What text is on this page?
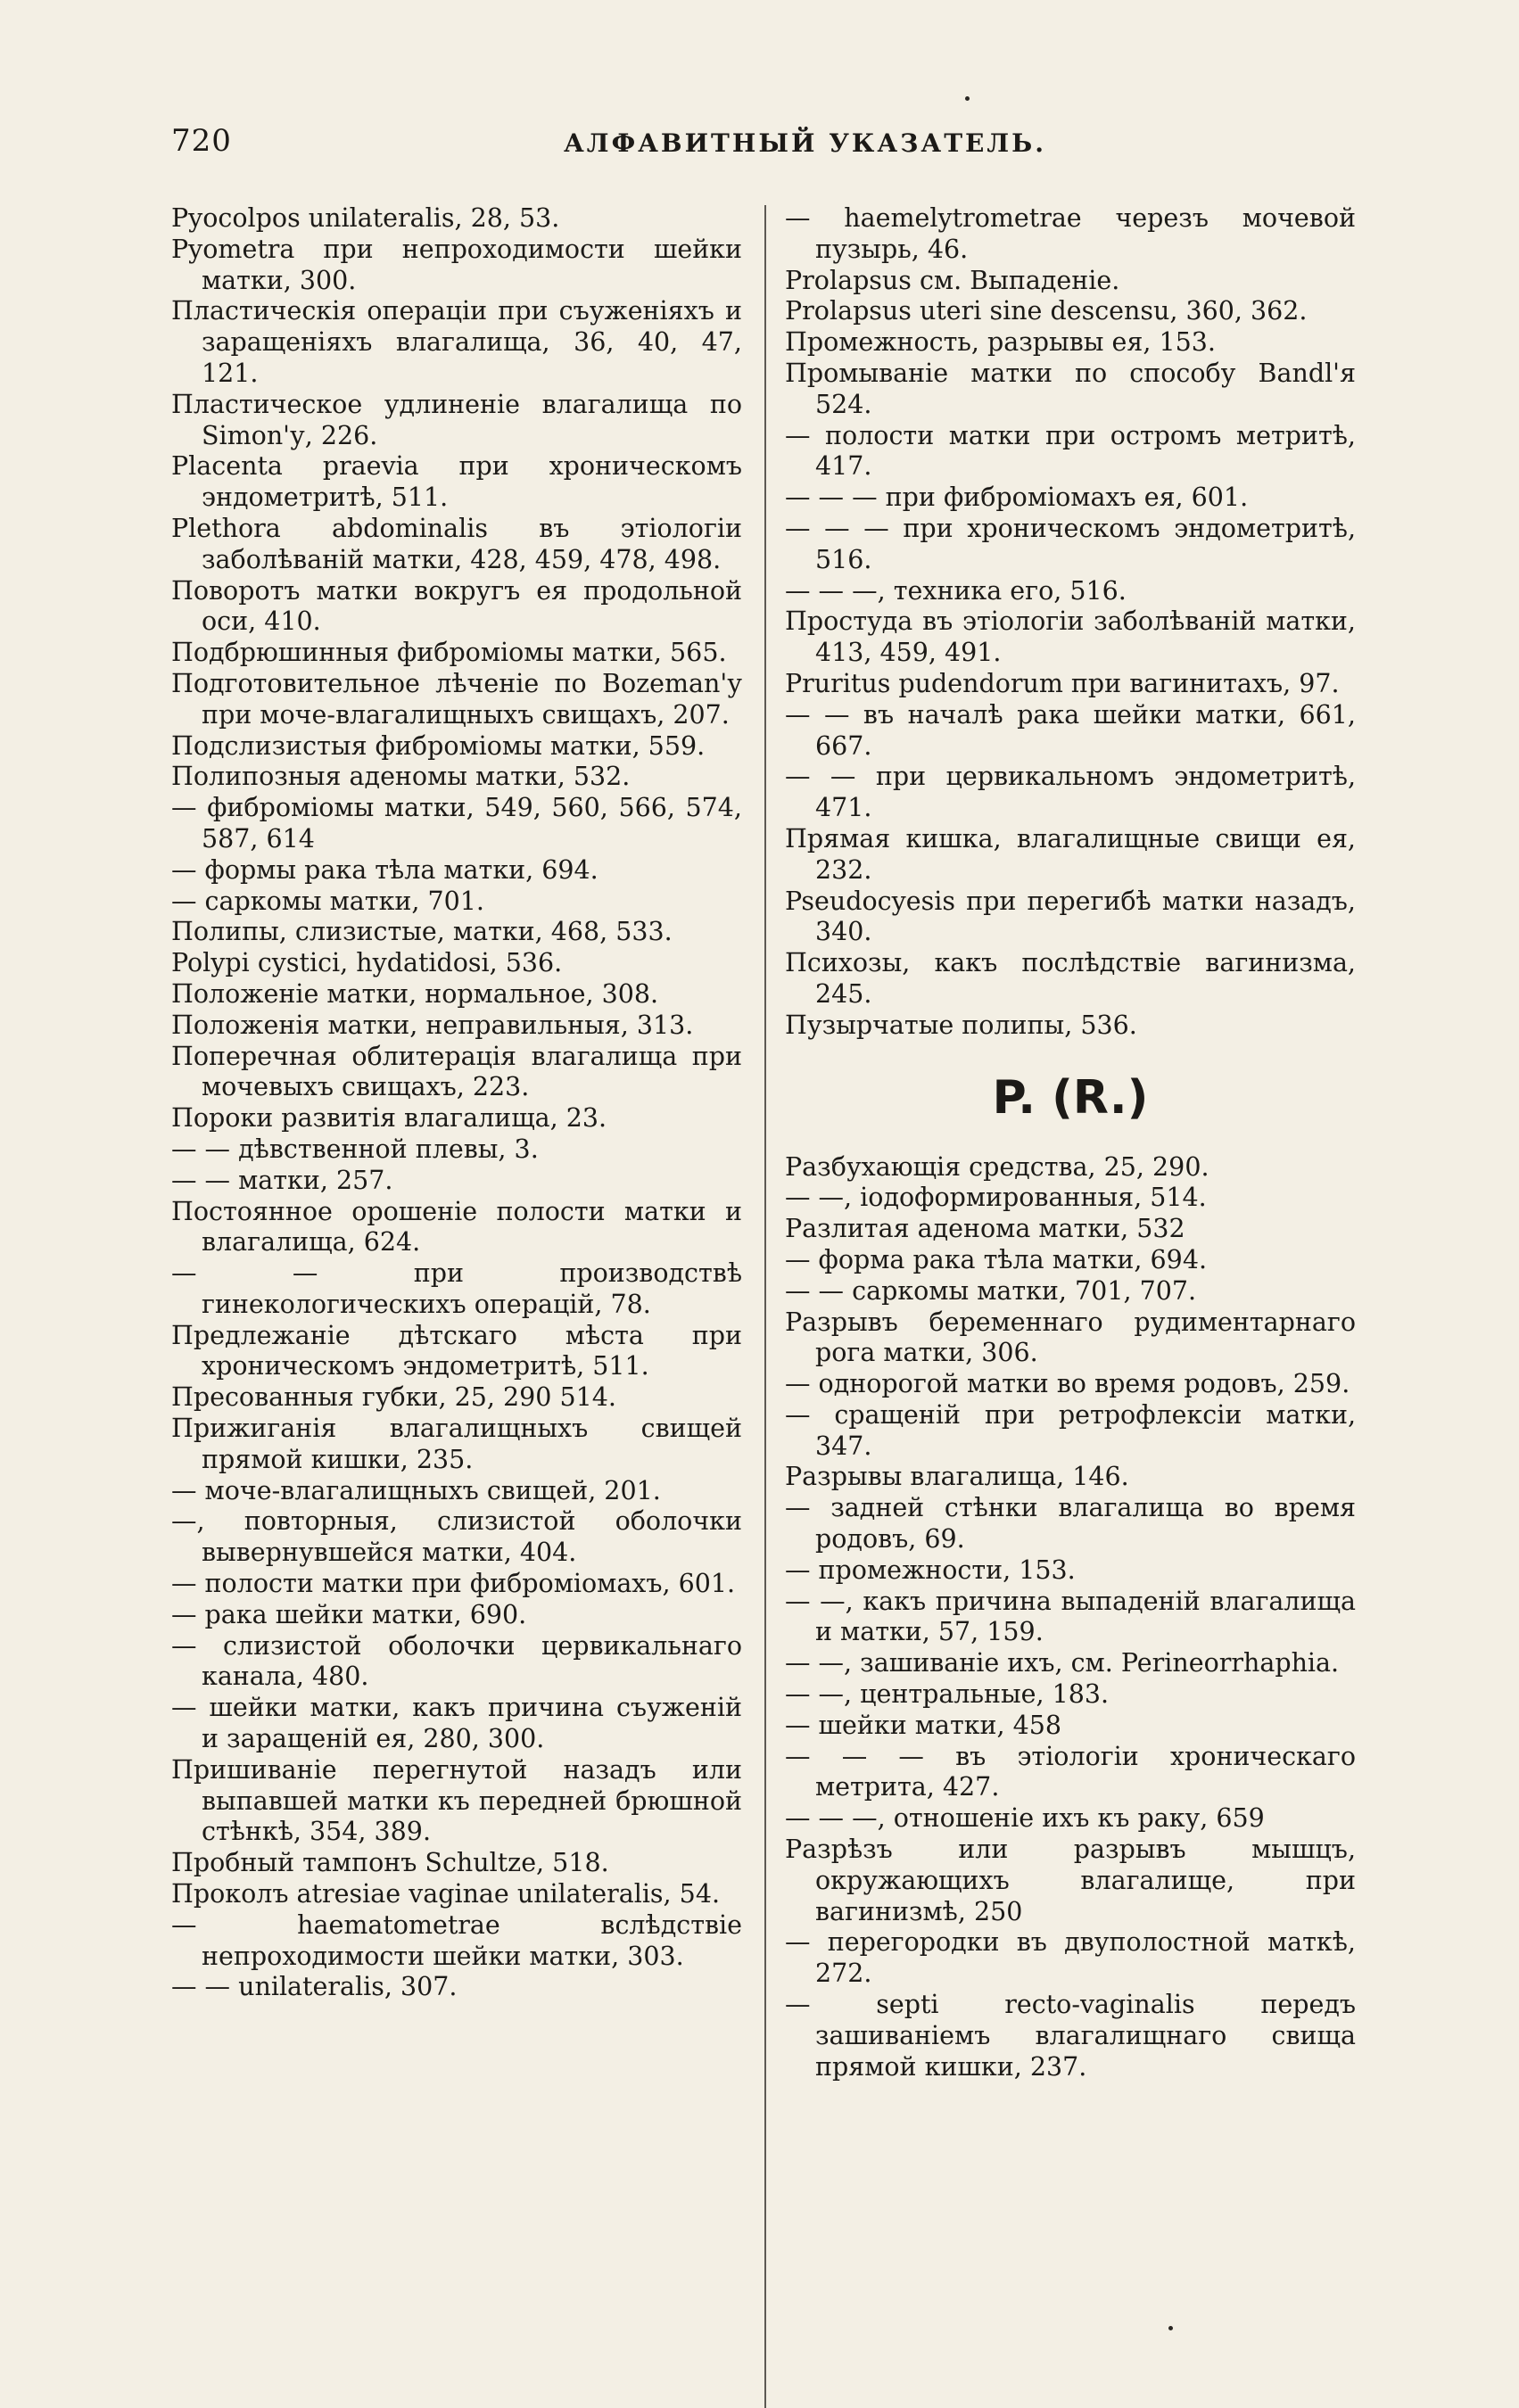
720	АЛФАВИТНЫЙ УКАЗАТЕЛЬ.

Pyocolpos unilateralis, 28, 53.

Pyometra при непроходимости шейки матки, 300.

Пластическія операціи при съуженіяхъ и заращеніяхъ влагалища, 36, 40, 47, 121.

Пластическое удлиненіе влагалища по Simon'у, 226.

Placenta praevia при хроническомъ эндометритѣ, 511.

Plethora abdominalis въ этіологіи заболѣваній матки, 428, 459, 478, 498.

Поворотъ матки вокругъ ея продольной оси, 410.

Подбрюшинныя фиброміомы матки, 565.

Подготовительное лѣченіе по Bozeman'у при моче-влагалищныхъ свищахъ, 207.

Подслизистыя фиброміомы матки, 559.

Полипозныя аденомы матки, 532.

— фиброміомы матки, 549, 560, 566, 574, 587, 614

— формы рака тѣла матки, 694.

— саркомы матки, 701.

Полипы, слизистые, матки, 468, 533.

Polypi cystici, hydatidosi, 536.

Положеніе матки, нормальное, 308.

Положенія матки, неправильныя, 313.

Поперечная облитерація влагалища при мочевыхъ свищахъ, 223.

Пороки развитія влагалища, 23.

— — дѣвственной плевы, 3.

— — матки, 257.

Постоянное орошеніе полости матки и влагалища, 624.

— — при производствѣ гинекологическихъ операцій, 78.

Предлежаніе дѣтскаго мѣста при хроническомъ эндометритѣ, 511.

Пресованныя губки, 25, 290 514.

Прижиганія влагалищныхъ свищей прямой кишки, 235.

— моче-влагалищныхъ свищей, 201.

—, повторныя, слизистой оболочки вывернувшейся матки, 404.

— полости матки при фиброміомахъ, 601.

— рака шейки матки, 690.

— слизистой оболочки цервикальнаго канала, 480.

— шейки матки, какъ причина съуженій и заращеній ея, 280, 300.

Пришиваніе перегнутой назадъ или выпавшей матки къ передней брюшной стѣнкѣ, 354, 389.

Пробный тампонъ Schultze, 518.

Проколъ atresiae vaginae unilateralis, 54.

— haematometrae вслѣдствіе непроходимости шейки матки, 303.

— — unilateralis, 307.

— haemelytrometrae черезъ мочевой пузырь, 46.

Prolapsus см. Выпаденіе.

Prolapsus uteri sine descensu, 360, 362.

Промежность, разрывы ея, 153.

Промываніе матки по способу Bandl'я 524.

— полости матки при остромъ метритѣ, 417.

— — — при фиброміомахъ ея, 601.

— — — при хроническомъ эндометритѣ, 516.

— — —, техника его, 516.

Простуда въ этіологіи заболѣваній матки, 413, 459, 491.

Pruritus pudendorum при вагинитахъ, 97.

— — въ началѣ рака шейки матки, 661, 667.

— — при цервикальномъ эндометритѣ, 471.

Прямая кишка, влагалищные свищи ея, 232.

Pseudocyesis при перегибѣ матки назадъ, 340.

Психозы, какъ послѣдствіе вагинизма, 245.

Пузырчатые полипы, 536.

P. (R.)

Разбухающія средства, 25, 290.

— —, іодоформированныя, 514.

Разлитая аденома матки, 532

— форма рака тѣла матки, 694.

— — саркомы матки, 701, 707.

Разрывъ беременнаго рудиментарнаго рога матки, 306.

— однорогой матки во время родовъ, 259.

— сращеній при ретрофлексіи матки, 347.

Разрывы влагалища, 146.

— задней стѣнки влагалища во время родовъ, 69.

— промежности, 153.

— —, какъ причина выпаденій влагалища и матки, 57, 159.

— —, зашиваніе ихъ, см. Perineorrhaphia.

— —, центральные, 183.

— шейки матки, 458

— — — въ этіологіи хроническаго метрита, 427.

— — —, отношеніе ихъ къ раку, 659

Разрѣзъ или разрывъ мышцъ, окружающихъ влагалище, при вагинизмѣ, 250

— перегородки въ двуполостной маткѣ, 272.

— septi recto-vaginalis передъ зашиваніемъ влагалищнаго свища прямой кишки, 237.
